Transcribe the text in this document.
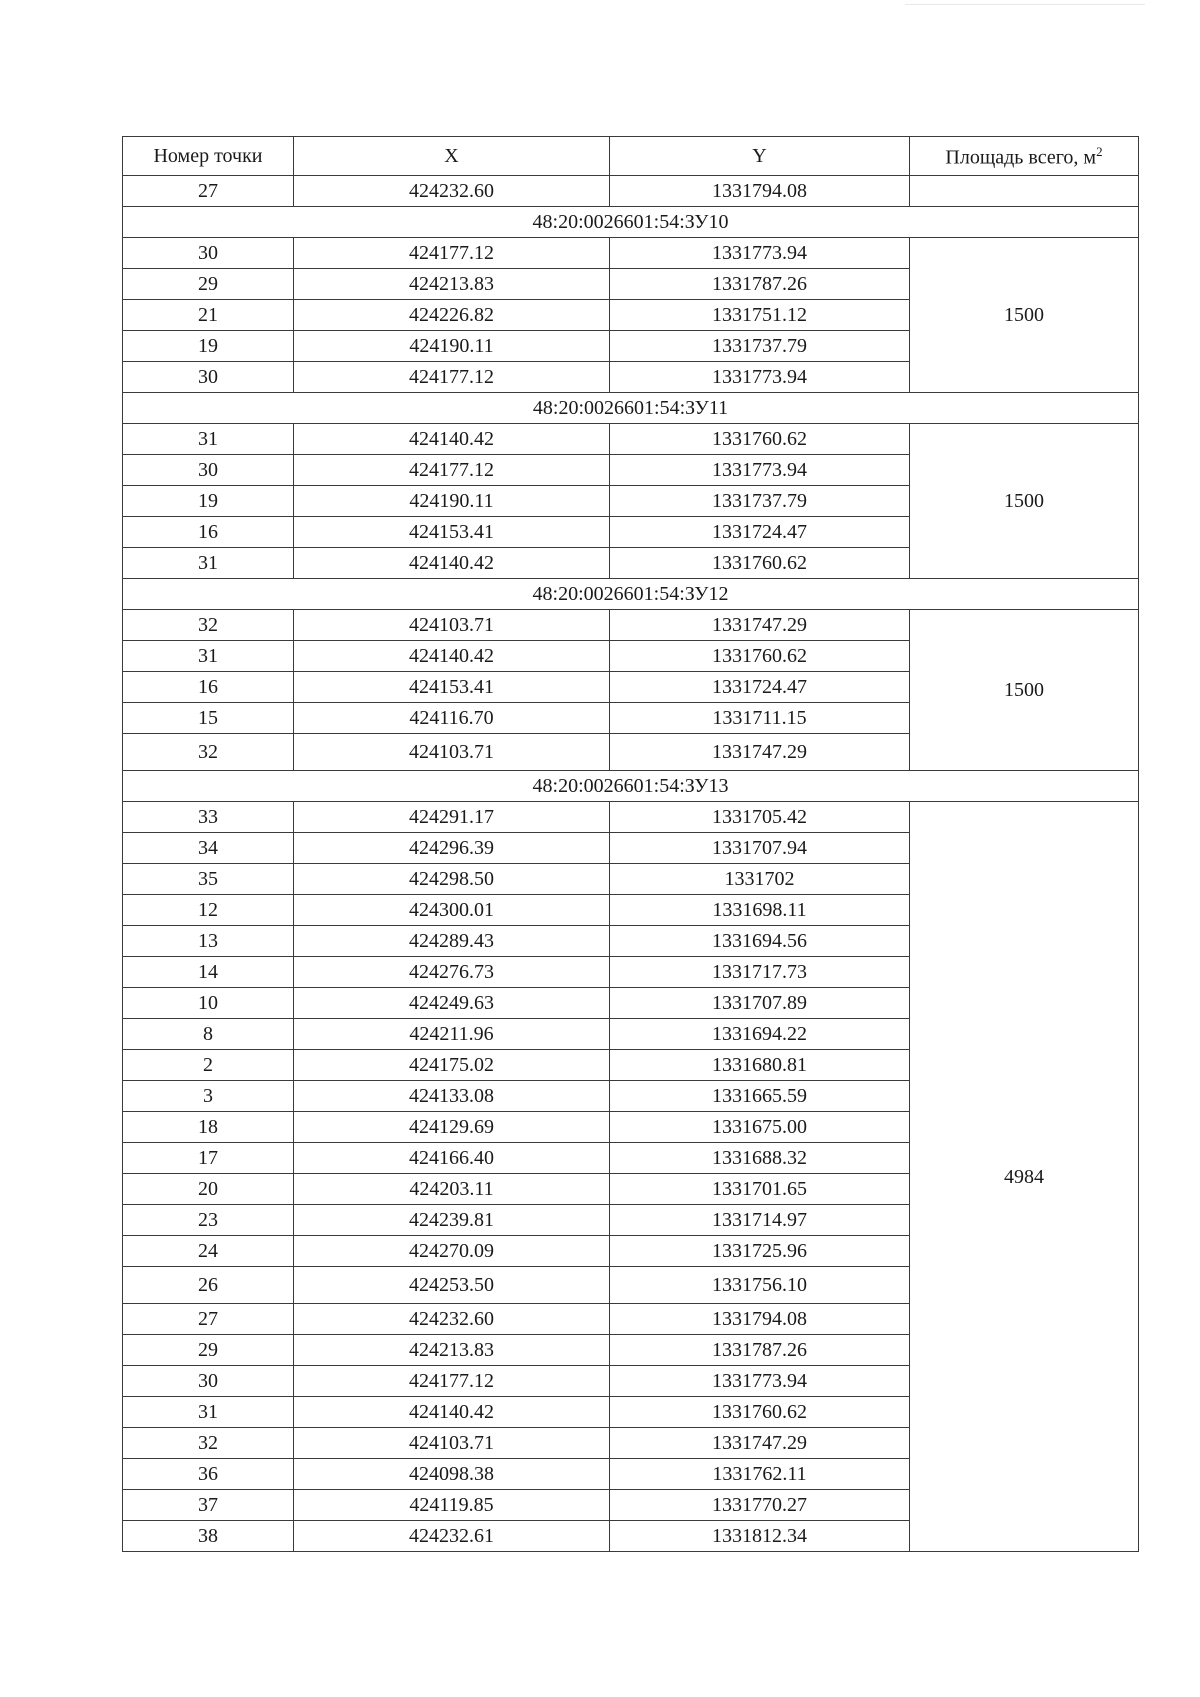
Номер точки	X	Y	Площадь всего, $м^2$
27	424232.60	1331794.08	
48:20:0026601:54:ЗУ10			
30	424177.12	1331773.94	1500
29	424213.83	1331787.26	
21	424226.82	1331751.12	
19	424190.11	1331737.79	
30	424177.12	1331773.94	
48:20:0026601:54:ЗУ11			
31	424140.42	1331760.62	1500
30	424177.12	1331773.94	
19	424190.11	1331737.79	
16	424153.41	1331724.47	
31	424140.42	1331760.62	
48:20:0026601:54:ЗУ12			
32	424103.71	1331747.29	1500
31	424140.42	1331760.62	
16	424153.41	1331724.47	
15	424116.70	1331711.15	
32	424103.71	1331747.29	
48:20:0026601:54:ЗУ13			
33	424291.17	1331705.42	4984
34	424296.39	1331707.94	
35	424298.50	1331702	
12	424300.01	1331698.11	
13	424289.43	1331694.56	
14	424276.73	1331717.73	
10	424249.63	1331707.89	
8	424211.96	1331694.22	
2	424175.02	1331680.81	
3	424133.08	1331665.59	
18	424129.69	1331675.00	
17	424166.40	1331688.32	
20	424203.11	1331701.65	
23	424239.81	1331714.97	
24	424270.09	1331725.96	
26	424253.50	1331756.10	
27	424232.60	1331794.08	
29	424213.83	1331787.26	
30	424177.12	1331773.94	
31	424140.42	1331760.62	
32	424103.71	1331747.29	
36	424098.38	1331762.11	
37	424119.85	1331770.27	
38	424232.61	1331812.34	
